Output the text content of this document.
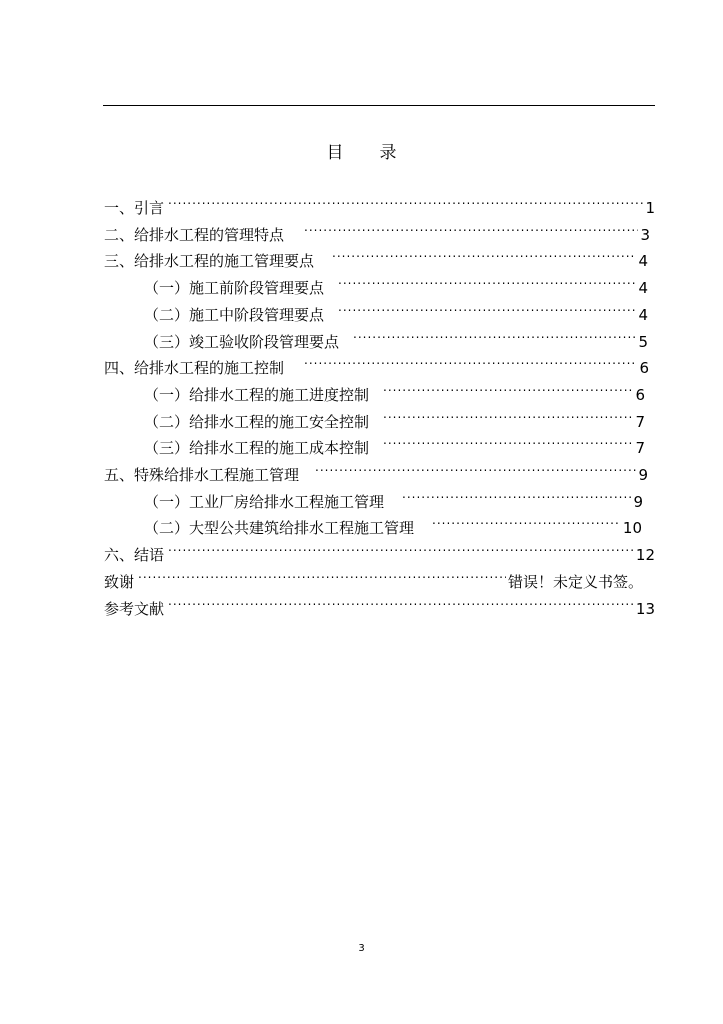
目 录
一、引言 .....	1
二、给排水工程的管理特点 .....	3
三、给排水工程的施工管理要点 .....	4
（一）施工前阶段管理要点 .....	4
（二）施工中阶段管理要点 .....	4
（三）竣工验收阶段管理要点 .....	5
四、给排水工程的施工控制 .....	6
（一）给排水工程的施工进度控制 .....	6
（二）给排水工程的施工安全控制 .....	7
（三）给排水工程的施工成本控制 .....	7
五、特殊给排水工程施工管理 .....	9
（一）工业厂房给排水工程施工管理 .....	9
（二）大型公共建筑给排水工程施工管理 .....	10
六、结语 .....	12
致谢 .....	错误！未定义书签。
参考文献 .....	13
3
